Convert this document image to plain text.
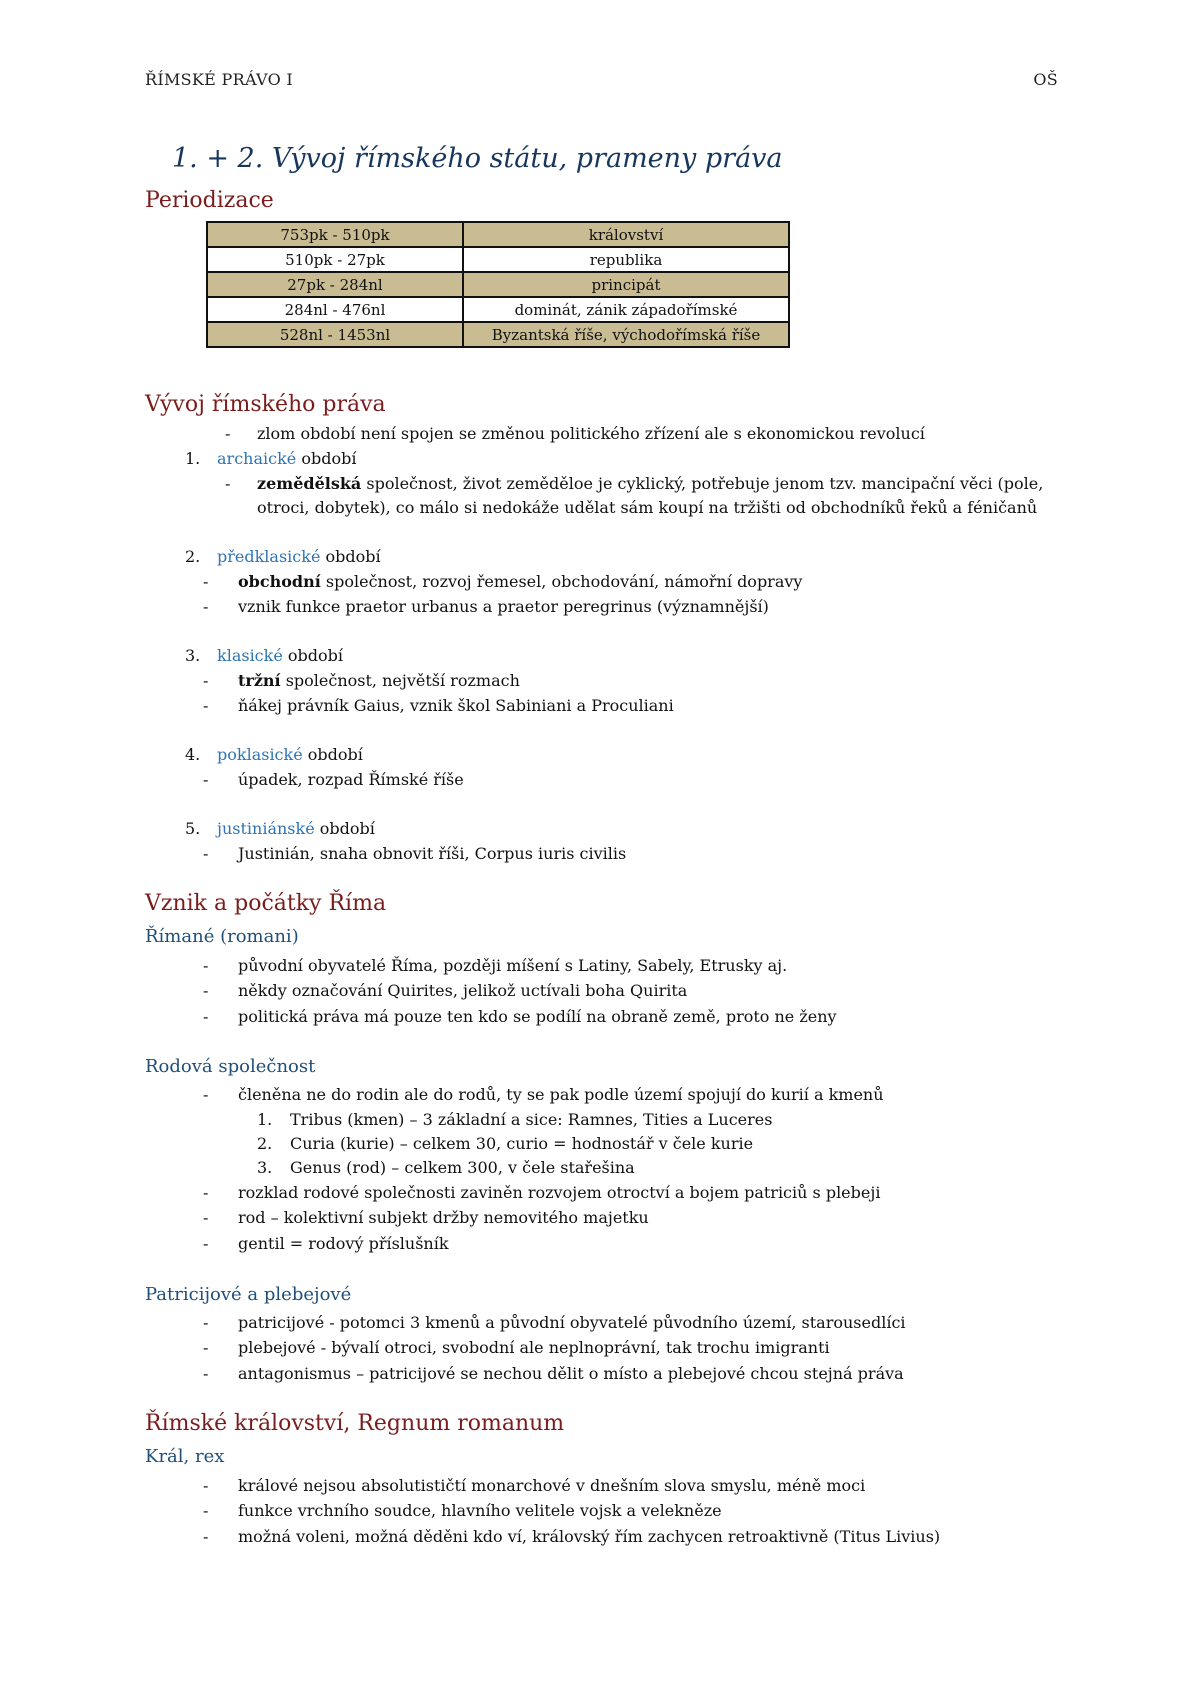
ŘÍMSKÉ PRÁVO I	OŠ
1. + 2. Vývoj římského státu, prameny práva
Periodizace
753pk - 510pk	království
510pk - 27pk	republika
27pk - 284nl	principát
284nl - 476nl	dominát, zánik západořímské
528nl - 1453nl	Byzantská říše, východořímská říše
Vývoj římského práva
- zlom období není spojen se změnou politického zřízení ale s ekonomickou revolucí
1. archaické období
- zemědělská společnost, život zeměděloe je cyklický, potřebuje jenom tzv. mancipační věci (pole,
otroci, dobytek), co málo si nedokáže udělat sám koupí na tržišti od obchodníků řeků a féničanů
2. předklasické období
- obchodní společnost, rozvoj řemesel, obchodování, námořní dopravy
- vznik funkce praetor urbanus a praetor peregrinus (významnější)
3. klasické období
- tržní společnost, největší rozmach
- ňákej právník Gaius, vznik škol Sabiniani a Proculiani
4. poklasické období
- úpadek, rozpad Římské říše
5. justiniánské období
- Justinián, snaha obnovit říši, Corpus iuris civilis
Vznik a počátky Říma
Římané (romani)
- původní obyvatelé Říma, později míšení s Latiny, Sabely, Etrusky aj.
- někdy označování Quirites, jelikož uctívali boha Quirita
- politická práva má pouze ten kdo se podílí na obraně země, proto ne ženy
Rodová společnost
- členěna ne do rodin ale do rodů, ty se pak podle území spojují do kurií a kmenů
1. Tribus (kmen) – 3 základní a sice: Ramnes, Tities a Luceres
2. Curia (kurie) – celkem 30, curio = hodnostář v čele kurie
3. Genus (rod) – celkem 300, v čele stařešina
- rozklad rodové společnosti zaviněn rozvojem otroctví a bojem patriciů s plebeji
- rod – kolektivní subjekt držby nemovitého majetku
- gentil = rodový příslušník
Patricijové a plebejové
- patricijové - potomci 3 kmenů a původní obyvatelé původního území, starousedlíci
- plebejové - bývalí otroci, svobodní ale neplnoprávní, tak trochu imigranti
- antagonismus – patricijové se nechou dělit o místo a plebejové chcou stejná práva
Římské království, Regnum romanum
Král, rex
- králové nejsou absolutističtí monarchové v dnešním slova smyslu, méně moci
- funkce vrchního soudce, hlavního velitele vojsk a velekněze
- možná voleni, možná děděni kdo ví, královský řím zachycen retroaktivně (Titus Livius)
